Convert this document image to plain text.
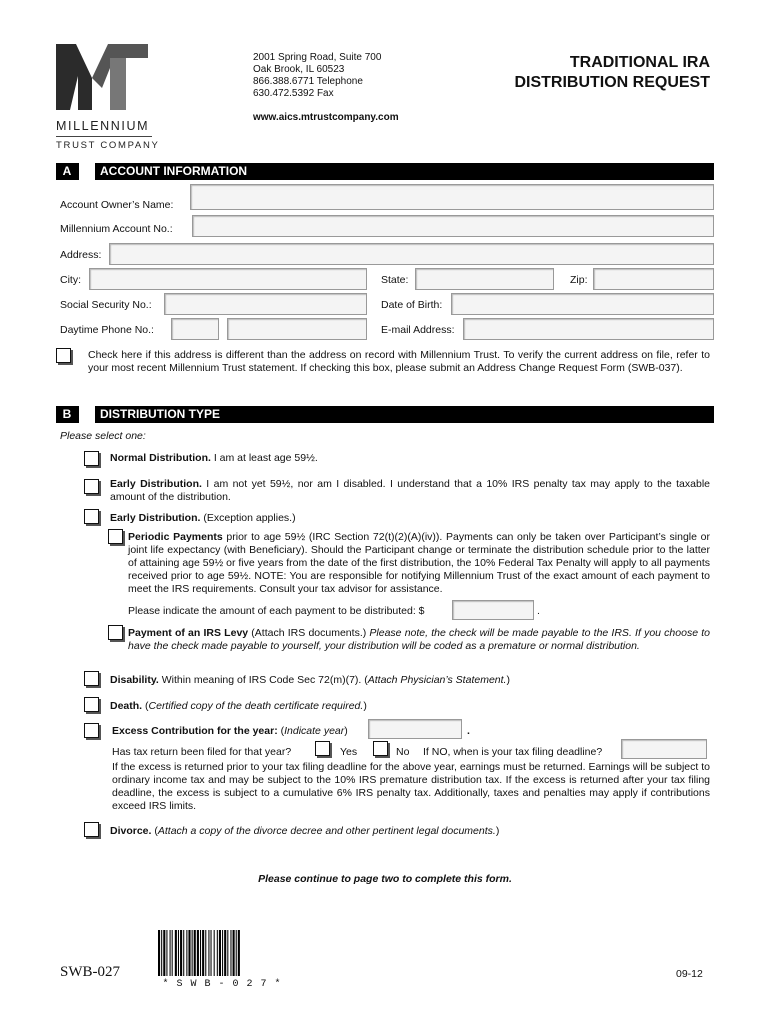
MILLENNIUM
TRUST COMPANY
2001 Spring Road, Suite 700
Oak Brook, IL 60523
866.388.6771 Telephone
630.472.5392 Fax
www.aics.mtrustcompany.com
TRADITIONAL IRA
DISTRIBUTION REQUEST
A	ACCOUNT INFORMATION
Account Owner’s Name:
Millennium Account No.:
Address:
City:	State:	Zip:
Social Security No.:	Date of Birth:
Daytime Phone No.:	E-mail Address:
Check here if this address is different than the address on record with Millennium Trust. To verify the current address on file, refer to your most recent Millennium Trust statement. If checking this box, please submit an Address Change Request Form (SWB-037).
B	DISTRIBUTION TYPE
Please select one:
Normal Distribution. I am at least age 59½.
Early Distribution. I am not yet 59½, nor am I disabled. I understand that a 10% IRS penalty tax may apply to the taxable amount of the distribution.
Early Distribution. (Exception applies.)
Periodic Payments prior to age 59½ (IRC Section 72(t)(2)(A)(iv)). Payments can only be taken over Participant’s single or joint life expectancy (with Beneficiary). Should the Participant change or terminate the distribution schedule prior to the latter of attaining age 59½ or five years from the date of the first distribution, the 10% Federal Tax Penalty will apply to all payments received prior to age 59½. NOTE: You are responsible for notifying Millennium Trust of the exact amount of each payment to meet the IRS requirements. Consult your tax advisor for assistance.
Please indicate the amount of each payment to be distributed: $	.
Payment of an IRS Levy (Attach IRS documents.) Please note, the check will be made payable to the IRS. If you choose to have the check made payable to yourself, your distribution will be coded as a premature or normal distribution.
Disability. Within meaning of IRS Code Sec 72(m)(7). (Attach Physician’s Statement.)
Death. (Certified copy of the death certificate required.)
Excess Contribution for the year: (Indicate year)	.
Has tax return been filed for that year?	Yes	No If NO, when is your tax filing deadline?
If the excess is returned prior to your tax filing deadline for the above year, earnings must be returned. Earnings will be subject to ordinary income tax and may be subject to the 10% IRS premature distribution tax. If the excess is returned after your tax filing deadline, the excess is subject to a cumulative 6% IRS penalty tax. Additionally, taxes and penalties may apply if contributions exceed IRS limits.
Divorce. (Attach a copy of the divorce decree and other pertinent legal documents.)
Please continue to page two to complete this form.
SWB-027
* S W B - 0 2 7 *
09-12
